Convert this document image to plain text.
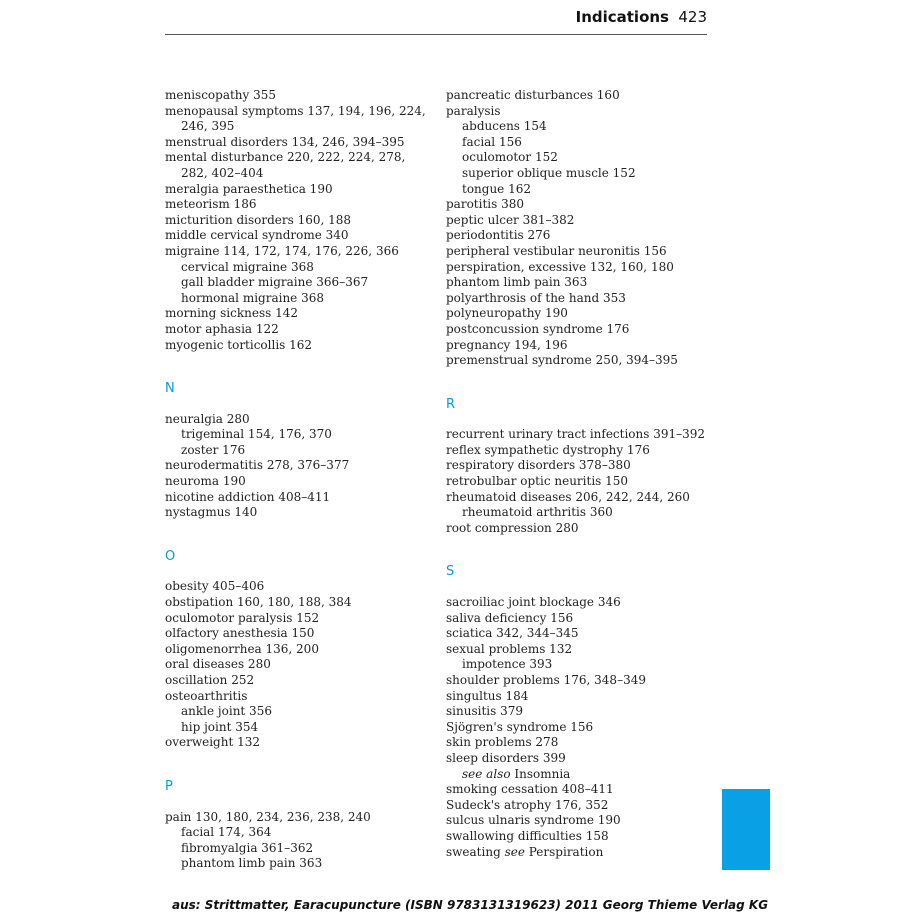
Indications 423

meniscopathy 355

menopausal symptoms 137, 194, 196, 224,

246, 395

menstrual disorders 134, 246, 394–395

mental disturbance 220, 222, 224, 278,

282, 402–404

meralgia paraesthetica 190

meteorism 186

micturition disorders 160, 188

middle cervical syndrome 340

migraine 114, 172, 174, 176, 226, 366

cervical migraine 368

gall bladder migraine 366–367

hormonal migraine 368

morning sickness 142

motor aphasia 122

myogenic torticollis 162

N

neuralgia 280

trigeminal 154, 176, 370

zoster 176

neurodermatitis 278, 376–377

neuroma 190

nicotine addiction 408–411

nystagmus 140

O

obesity 405–406

obstipation 160, 180, 188, 384

oculomotor paralysis 152

olfactory anesthesia 150

oligomenorrhea 136, 200

oral diseases 280

oscillation 252

osteoarthritis

ankle joint 356

hip joint 354

overweight 132

P

pain 130, 180, 234, 236, 238, 240

facial 174, 364

fibromyalgia 361–362

phantom limb pain 363

pancreatic disturbances 160

paralysis

abducens 154

facial 156

oculomotor 152

superior oblique muscle 152

tongue 162

parotitis 380

peptic ulcer 381–382

periodontitis 276

peripheral vestibular neuronitis 156

perspiration, excessive 132, 160, 180

phantom limb pain 363

polyarthrosis of the hand 353

polyneuropathy 190

postconcussion syndrome 176

pregnancy 194, 196

premenstrual syndrome 250, 394–395

R

recurrent urinary tract infections 391–392

reflex sympathetic dystrophy 176

respiratory disorders 378–380

retrobulbar optic neuritis 150

rheumatoid diseases 206, 242, 244, 260

rheumatoid arthritis 360

root compression 280

S

sacroiliac joint blockage 346

saliva deficiency 156

sciatica 342, 344–345

sexual problems 132

impotence 393

shoulder problems 176, 348–349

singultus 184

sinusitis 379

Sjögren's syndrome 156

skin problems 278

sleep disorders 399

see also Insomnia

smoking cessation 408–411

Sudeck's atrophy 176, 352

sulcus ulnaris syndrome 190

swallowing difficulties 158

sweating see Perspiration

aus: Strittmatter, Earacupuncture (ISBN 9783131319623) 2011 Georg Thieme Verlag KG
